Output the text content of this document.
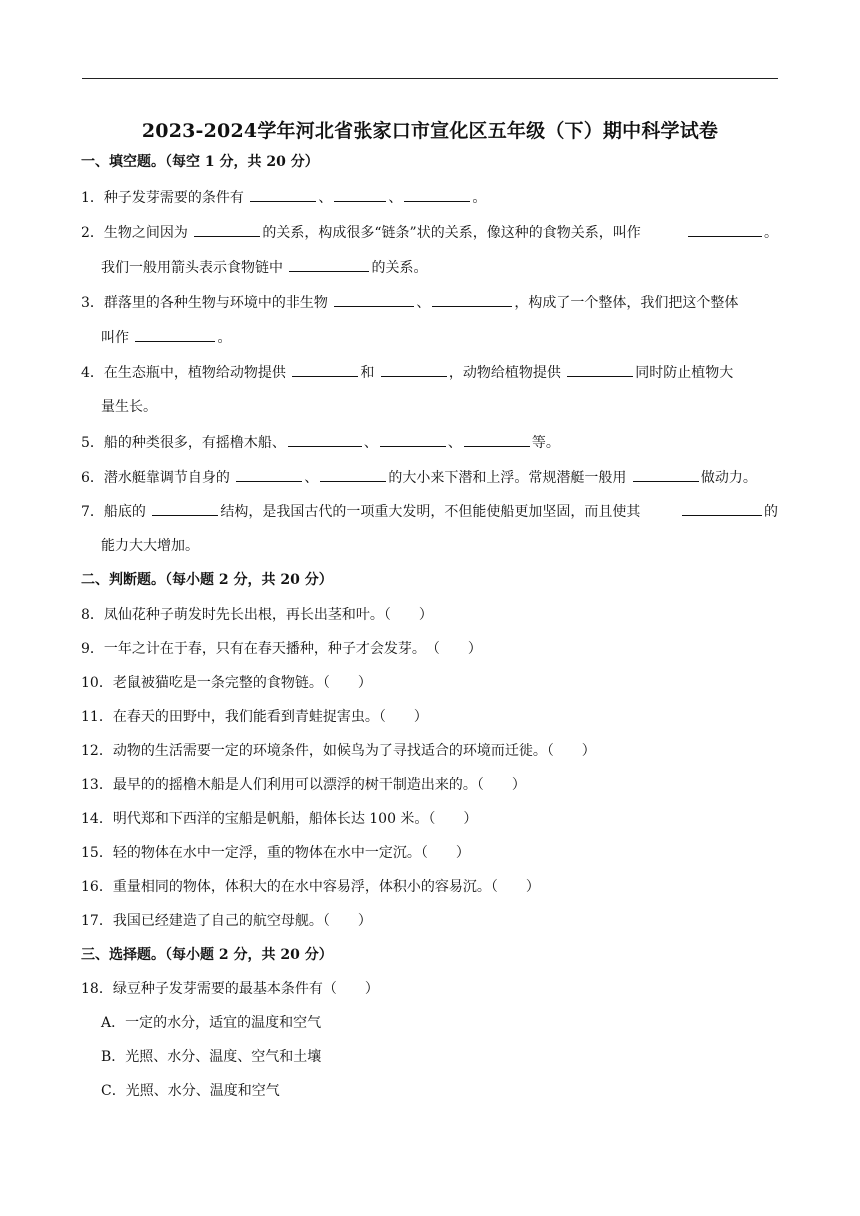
2023-2024学年河北省张家口市宣化区五年级（下）期中科学试卷
一、填空题。（每空 1 分，共 20 分）
1．种子发芽需要的条件有	、	、	。
2．生物之间因为	的关系，构成很多“链条”状的关系，像这种的食物关系，叫作	。
我们一般用箭头表示食物链中	的关系。
3．群落里的各种生物与环境中的非生物	、	，构成了一个整体，我们把这个整体
叫作	。
4．在生态瓶中，植物给动物提供	和	，动物给植物提供	同时防止植物大
量生长。
5．船的种类很多，有摇橹木船、	、	、	等。
6．潜水艇靠调节自身的	、	的大小来下潜和上浮。常规潜艇一般用	做动力。
7．船底的	结构，是我国古代的一项重大发明，不但能使船更加坚固，而且使其	的
能力大大增加。
二、判断题。（每小题 2 分，共 20 分）
8．凤仙花种子萌发时先长出根，再长出茎和叶。（　　）
9．一年之计在于春，只有在春天播种，种子才会发芽。　（　　）
10．老鼠被猫吃是一条完整的食物链。（　　）
11．在春天的田野中，我们能看到青蛙捉害虫。（　　）
12．动物的生活需要一定的环境条件，如候鸟为了寻找适合的环境而迁徙。（　　）
13．最早的的摇橹木船是人们利用可以漂浮的树干制造出来的。（　　）
14．明代郑和下西洋的宝船是帆船，船体长达 100 米。（　　）
15．轻的物体在水中一定浮，重的物体在水中一定沉。（　　）
16．重量相同的物体，体积大的在水中容易浮，体积小的容易沉。（　　）
17．我国已经建造了自己的航空母舰。（　　）
三、选择题。（每小题 2 分，共 20 分）
18．绿豆种子发芽需要的最基本条件有（　　）
A．一定的水分，适宜的温度和空气
B．光照、水分、温度、空气和土壤
C．光照、水分、温度和空气
